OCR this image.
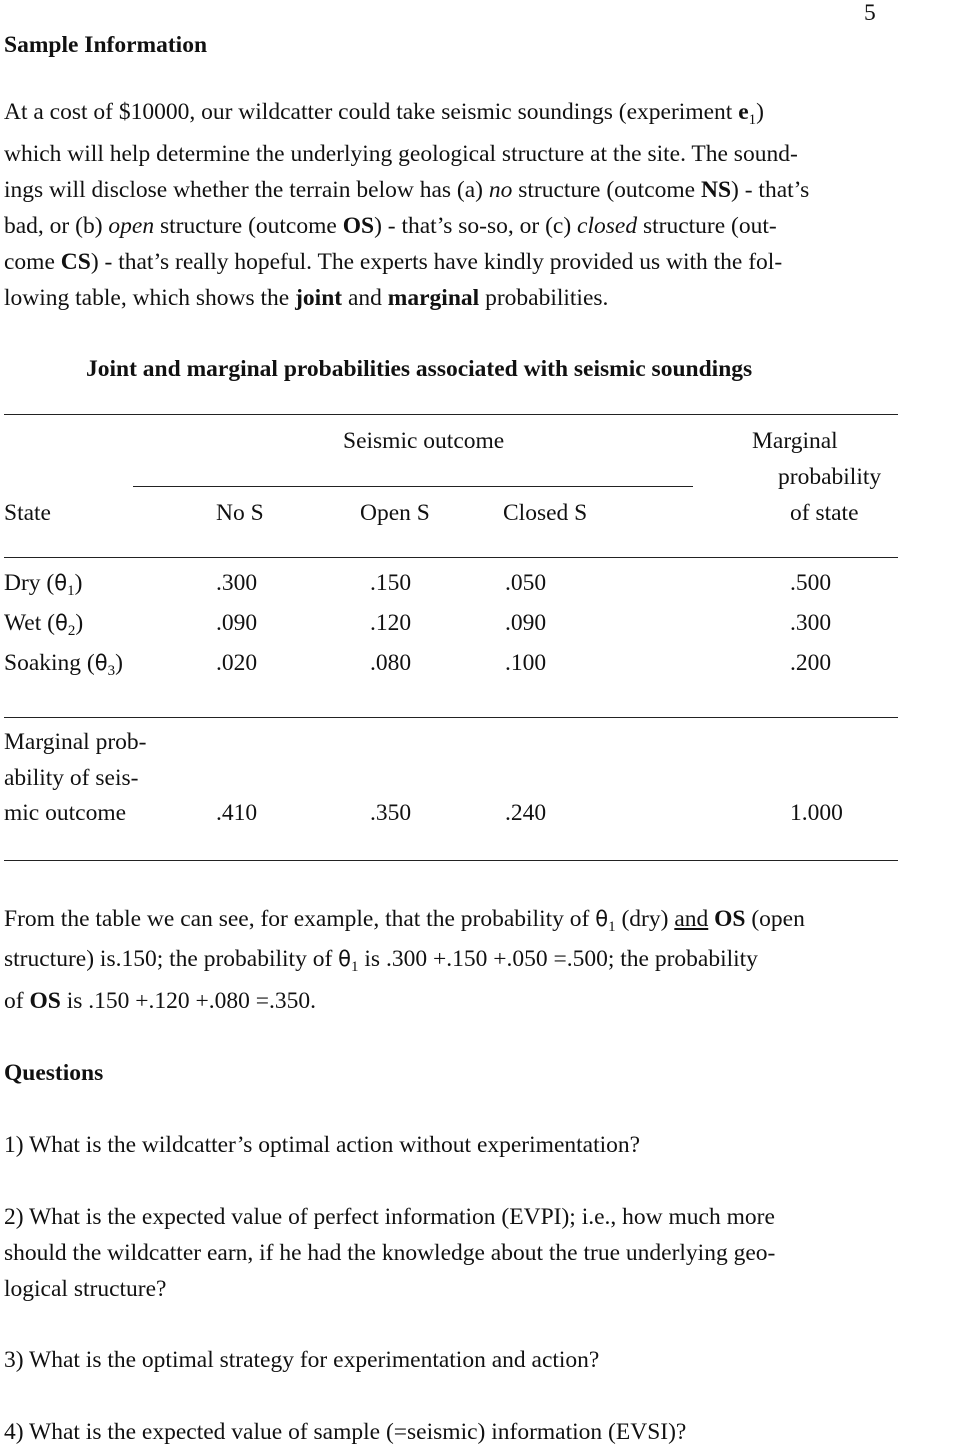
5
Sample Information
At a cost of $10000, our wildcatter could take seismic soundings (experiment $e_1$)
which will help determine the underlying geological structure at the site. The sound-
ings will disclose whether the terrain below has (a) no structure (outcome NS) - that’s
bad, or (b) open structure (outcome OS) - that’s so-so, or (c) closed structure (out-
come CS) - that’s really hopeful. The experts have kindly provided us with the fol-
lowing table, which shows the joint and marginal probabilities.
Joint and marginal probabilities associated with seismic soundings
Seismic outcome	Marginal
probability
State	No S	Open S	Closed S	of state
Dry $(\theta_1)$	.300	.150	.050	.500
Wet $(\theta_2)$	.090	.120	.090	.300
Soaking $(\theta_3)$	.020	.080	.100	.200
Marginal prob-
ability of seis-
mic outcome	.410	.350	.240	1.000
From the table we can see, for example, that the probability of $\theta_1$ (dry) and OS (open
structure) is.150; the probability of $\theta_1$ is .300 +.150 +.050 =.500; the probability
of OS is .150 +.120 +.080 =.350.
Questions
1) What is the wildcatter’s optimal action without experimentation?
2) What is the expected value of perfect information (EVPI); i.e., how much more
should the wildcatter earn, if he had the knowledge about the true underlying geo-
logical structure?
3) What is the optimal strategy for experimentation and action?
4) What is the expected value of sample (=seismic) information (EVSI)?
